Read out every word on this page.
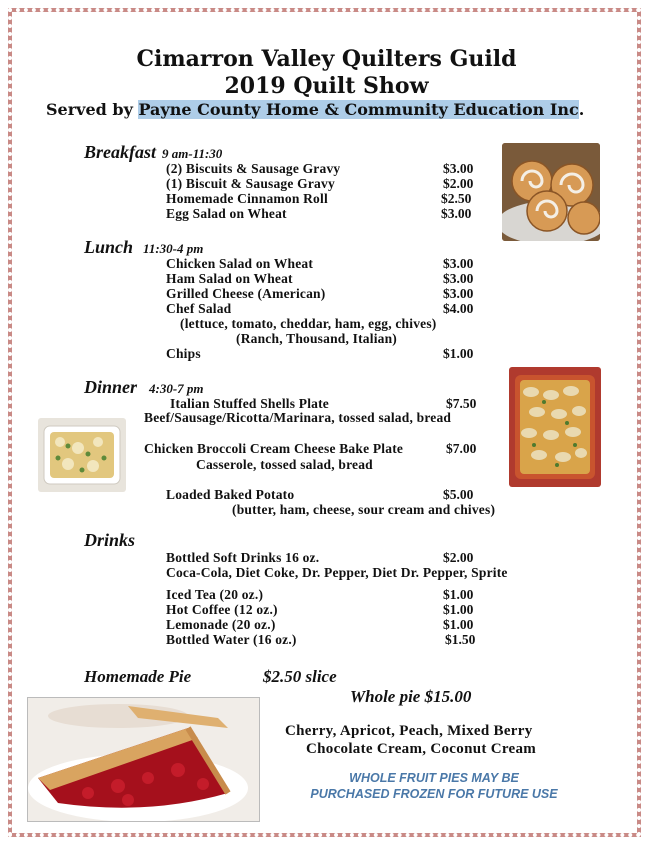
Cimarron Valley Quilters Guild
2019 Quilt Show
Served by Payne County Home & Community Education Inc.
Breakfast 9 am-11:30
(2) Biscuits & Sausage Gravy	$3.00
(1) Biscuit & Sausage Gravy	$2.00
Homemade Cinnamon Roll	$2.50
Egg Salad on Wheat	$3.00
Lunch 11:30-4 pm
Chicken Salad on Wheat	$3.00
Ham Salad on Wheat	$3.00
Grilled Cheese (American)	$3.00
Chef Salad	$4.00
(lettuce, tomato, cheddar, ham, egg, chives)
(Ranch, Thousand, Italian)
Chips	$1.00
Dinner 4:30-7 pm
Italian Stuffed Shells Plate	$7.50
Beef/Sausage/Ricotta/Marinara, tossed salad, bread
Chicken Broccoli Cream Cheese Bake Plate	$7.00
Casserole, tossed salad, bread
Loaded Baked Potato	$5.00
(butter, ham, cheese, sour cream and chives)
Drinks
Bottled Soft Drinks 16 oz.	$2.00
Coca-Cola, Diet Coke, Dr. Pepper, Diet Dr. Pepper, Sprite
Iced Tea (20 oz.)	$1.00
Hot Coffee (12 oz.)	$1.00
Lemonade (20 oz.)	$1.00
Bottled Water (16 oz.)	$1.50
Homemade Pie	$2.50 slice
Whole pie $15.00
Cherry, Apricot, Peach, Mixed Berry
Chocolate Cream, Coconut Cream
WHOLE FRUIT PIES MAY BE
PURCHASED FROZEN FOR FUTURE USE
